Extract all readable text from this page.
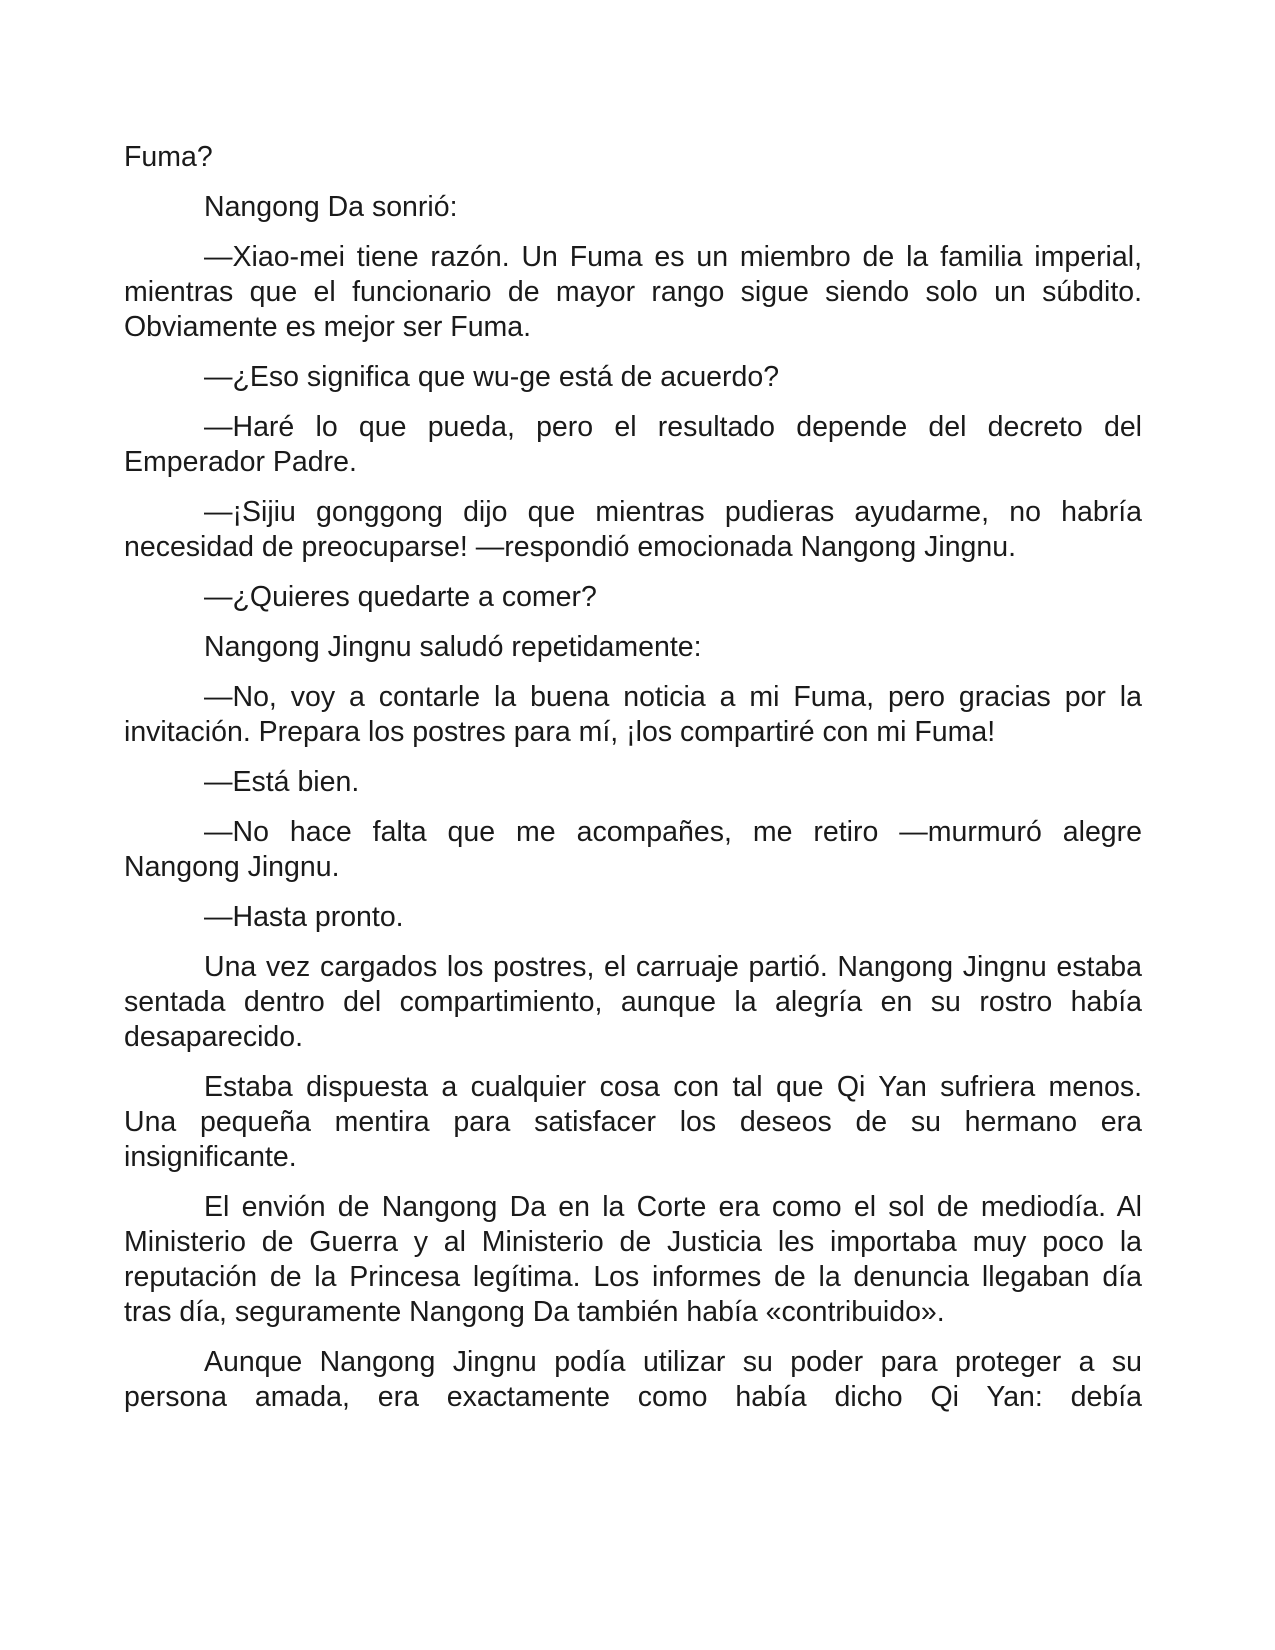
Fuma?

Nangong Da sonrió:

—Xiao-mei tiene razón. Un Fuma es un miembro de la familia imperial, mientras que el funcionario de mayor rango sigue siendo solo un súbdito. Obviamente es mejor ser Fuma.

—¿Eso significa que wu-ge está de acuerdo?

—Haré lo que pueda, pero el resultado depende del decreto del Emperador Padre.

—¡Sijiu gonggong dijo que mientras pudieras ayudarme, no habría necesidad de preocuparse! —respondió emocionada Nangong Jingnu.

—¿Quieres quedarte a comer?

Nangong Jingnu saludó repetidamente:

—No, voy a contarle la buena noticia a mi Fuma, pero gracias por la invitación. Prepara los postres para mí, ¡los compartiré con mi Fuma!

—Está bien.

—No hace falta que me acompañes, me retiro —murmuró alegre Nangong Jingnu.

—Hasta pronto.

Una vez cargados los postres, el carruaje partió. Nangong Jingnu estaba sentada dentro del compartimiento, aunque la alegría en su rostro había desaparecido.

Estaba dispuesta a cualquier cosa con tal que Qi Yan sufriera menos. Una pequeña mentira para satisfacer los deseos de su hermano era insignificante.

El envión de Nangong Da en la Corte era como el sol de mediodía. Al Ministerio de Guerra y al Ministerio de Justicia les importaba muy poco la reputación de la Princesa legítima. Los informes de la denuncia llegaban día tras día, seguramente Nangong Da también había «contribuido».

Aunque Nangong Jingnu podía utilizar su poder para proteger a su persona amada, era exactamente como había dicho Qi Yan: debía
